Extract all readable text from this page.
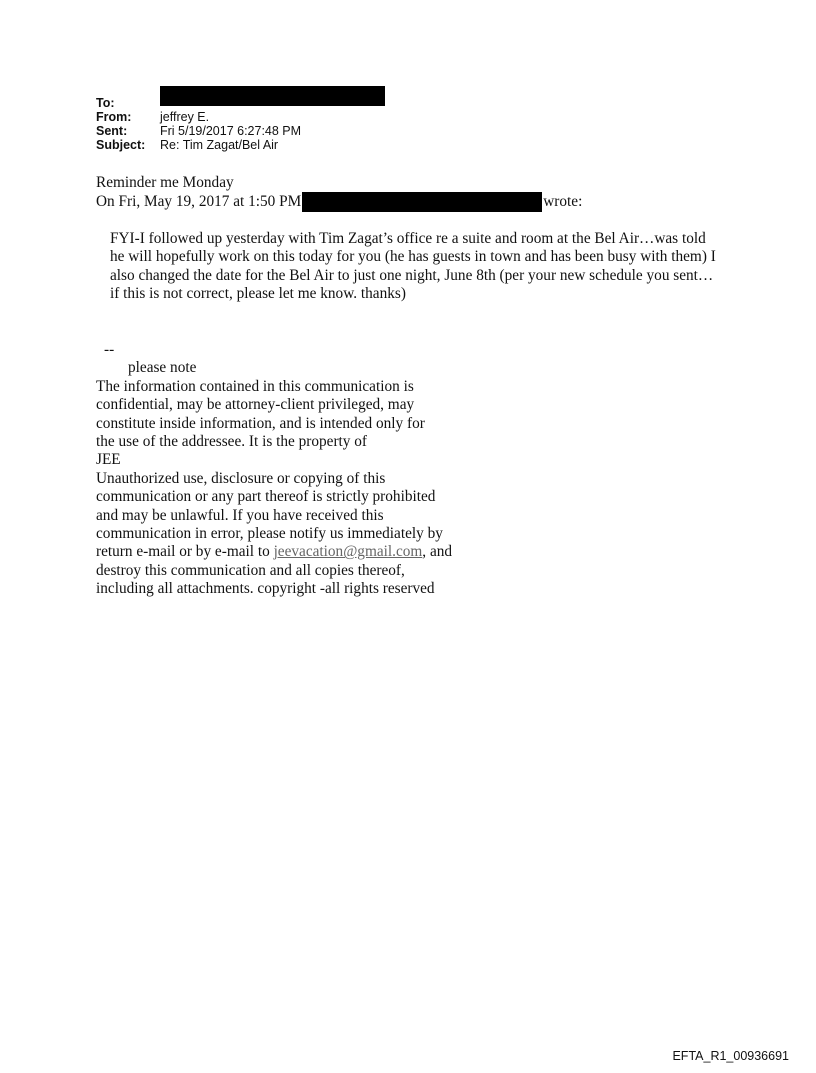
To:
From:	jeffrey E.
Sent:	Fri 5/19/2017 6:27:48 PM
Subject:	Re: Tim Zagat/Bel Air
Reminder me Monday
On Fri, May 19, 2017 at 1:50 PM	wrote:
FYI-I followed up yesterday with Tim Zagat’s office re a suite and room at the Bel Air…was told he will hopefully work on this today for you (he has guests in town and has been busy with them) I also changed the date for the Bel Air to just one night, June 8th (per your new schedule you sent…if this is not correct, please let me know. thanks)
--
please note
The information contained in this communication is
confidential, may be attorney-client privileged, may
constitute inside information, and is intended only for
the use of the addressee. It is the property of
JEE
Unauthorized use, disclosure or copying of this
communication or any part thereof is strictly prohibited
and may be unlawful. If you have received this
communication in error, please notify us immediately by
return e-mail or by e-mail to jeevacation@gmail.com, and
destroy this communication and all copies thereof,
including all attachments. copyright -all rights reserved
EFTA_R1_00936691
